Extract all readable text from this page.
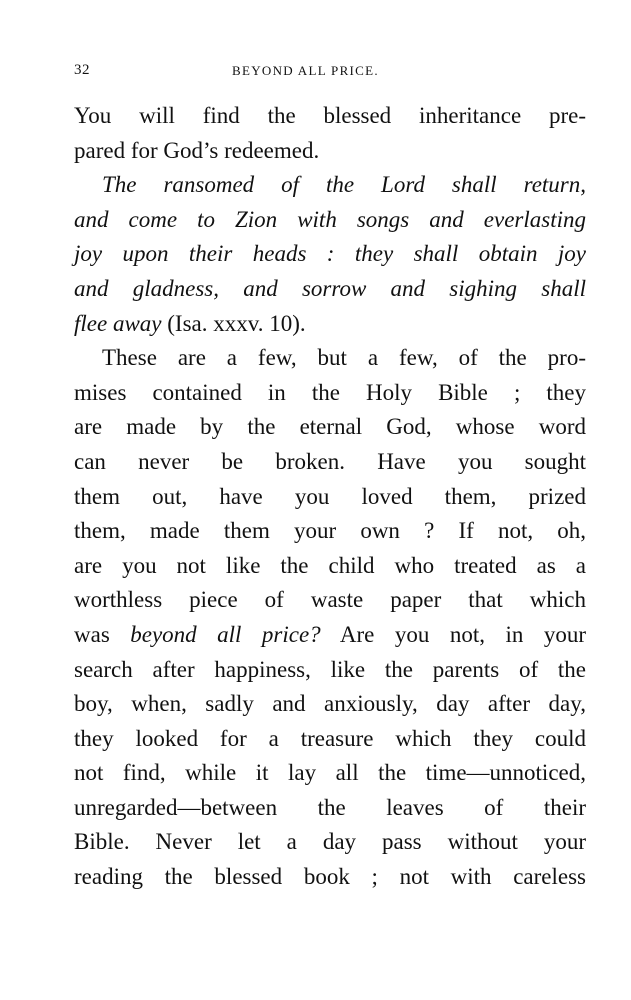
32	BEYOND ALL PRICE.
You will find the blessed inheritance pre-
pared for God’s redeemed.
The ransomed of the Lord shall return,
and come to Zion with songs and everlasting
joy upon their heads : they shall obtain joy
and gladness, and sorrow and sighing shall
flee away (Isa. xxxv. 10).
These are a few, but a few, of the pro-
mises contained in the Holy Bible ; they
are made by the eternal God, whose word
can never be broken. Have you sought
them out, have you loved them, prized
them, made them your own ? If not, oh,
are you not like the child who treated as a
worthless piece of waste paper that which
was beyond all price? Are you not, in your
search after happiness, like the parents of the
boy, when, sadly and anxiously, day after day,
they looked for a treasure which they could
not find, while it lay all the time—unnoticed,
unregarded—between the leaves of their
Bible. Never let a day pass without your
reading the blessed book ; not with careless
